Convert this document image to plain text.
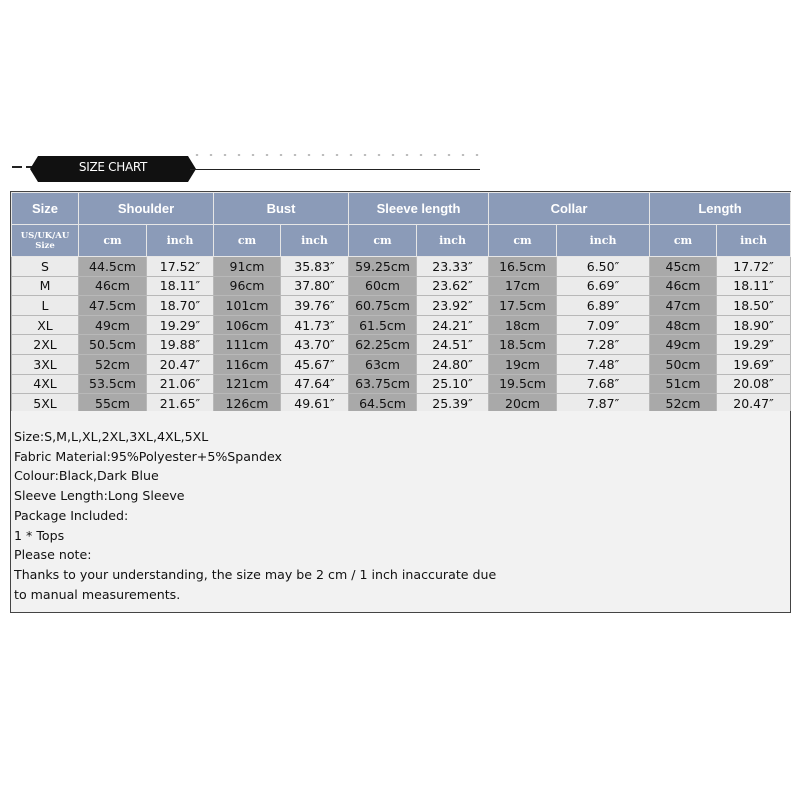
SIZE CHART
Size	Shoulder		Bust		Sleeve length		Collar		Length	

US/UK/AU
Size	cm	inch	cm	inch	cm	inch	cm	inch	cm	inch
S	44.5cm	17.52″	91cm	35.83″	59.25cm	23.33″	16.5cm	6.50″	45cm	17.72″
M	46cm	18.11″	96cm	37.80″	60cm	23.62″	17cm	6.69″	46cm	18.11″
L	47.5cm	18.70″	101cm	39.76″	60.75cm	23.92″	17.5cm	6.89″	47cm	18.50″
XL	49cm	19.29″	106cm	41.73″	61.5cm	24.21″	18cm	7.09″	48cm	18.90″
2XL	50.5cm	19.88″	111cm	43.70″	62.25cm	24.51″	18.5cm	7.28″	49cm	19.29″
3XL	52cm	20.47″	116cm	45.67″	63cm	24.80″	19cm	7.48″	50cm	19.69″
4XL	53.5cm	21.06″	121cm	47.64″	63.75cm	25.10″	19.5cm	7.68″	51cm	20.08″
5XL	55cm	21.65″	126cm	49.61″	64.5cm	25.39″	20cm	7.87″	52cm	20.47″
Size:S,M,L,XL,2XL,3XL,4XL,5XL
Fabric Material:95%Polyester+5%Spandex
Colour:Black,Dark Blue
Sleeve Length:Long Sleeve
Package Included:
1 * Tops
Please note:
Thanks to your understanding, the size may be 2 cm / 1 inch inaccurate due
to manual measurements.
